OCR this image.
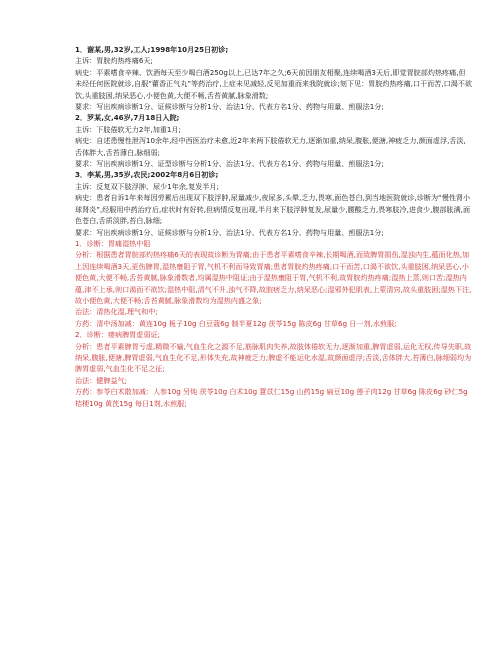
1．谢某,男,32岁,工人;1998年10月25日初诊;

主诉：胃脘灼热疼痛6天;

病史：平素嗜食辛辣、饮酒每天至少喝白酒250g以上,已达7年之久;6天前因朋友相聚,连续喝酒3天后,即觉胃脘部灼热疼痛,但未经任何医院就诊,自服“藿香正气丸”等药治疗,上症未见减轻,反见加重而来我院就诊;刻下见：胃脘灼热疼痛,口干而苦,口渴不欲饮,头重肢困,纳呆恶心,小便色黄,大便不畅,舌苔黄腻,脉象滑数;

要求：写出疾病诊断1分、证候诊断与分析1分、治法1分、代表方名1分、药物与用量、煎服法1分;

2．罗某,女,46岁,7月18日入院;

主诉：下肢倦软无力2年,加重1月;

病史：自述患慢性泄泻10余年,经中西医治疗未愈,近2年来两下肢倦软无力,逐渐加重,纳呆,腹胀,便溏,神疲乏力,颜面虚浮,舌淡,舌体胖大,舌苔薄白,脉细弱;

要求：写出疾病诊断1分、证型诊断与分析1分、治法1分、代表方名1分、药物与用量、煎服法1分;

3．李某,男,35岁,农民;2002年8月6日初诊;

主诉：反复双下肢浮肿、尿少1年余,复发半月;

病史：患者自诉1年来每因劳累后出现双下肢浮肿,尿量减少,夜尿多,头晕,乏力,畏寒,面色苍白,到当地医院就诊,诊断为“慢性肾小球肾炎”,经服用中药治疗后,症状时有好转,但病情反复出现,半月来下肢浮肿复发,尿量少,腰酸乏力,畏寒肢冷,进食少,腹部胀满,面色苍白,舌质淡胖,苔白,脉细;

要求：写出疾病诊断1分、证候诊断与分析1分、治法1分、代表方名1分、药物与用量、煎服法1分;

1．诊断：胃痛湿热中阻

分析：根据患者胃脘部灼热疼痛6天的表现故诊断为胃痛;由于患者平素嗜食辛辣,长期喝酒,而致脾胃损伤,湿浊内生,蕴而化热,加上因连续喝酒3天,更伤脾胃,湿热壅阻于胃,气机不利而导致胃痛;患者胃脘灼热疼痛,口干而苦,口渴不欲饮,头重肢困,纳呆恶心,小便色黄,大便不畅,舌苔黄腻,脉象滑数者,均属湿热中阻证;由于湿热壅阻于胃,气机不利,故胃脘灼热疼痛;湿热上蒸,则口苦;湿热内蕴,津不上承,则口渴而不欲饮;湿热中阻,清气不升,浊气不降,故脘痞乏力,纳呆恶心;湿邪外犯肌表,上蒙清窍,故头重肢困;湿热下注,故小便色黄,大便不畅;舌苔黄腻,脉象滑数均为湿热内盛之象;

治法：清热化湿,理气和中;

方药：清中汤加减：黄连10g 栀子10g 白豆蔻6g 制半夏12g 茯苓15g 陈皮6g 甘草6g 日一剂,水煎服;

2．诊断：痿病脾胃虚弱证;

分析：患者平素脾胃亏虚,精微不输,气血生化之源不足,筋脉肌肉失养,故肢体倦软无力,逐渐加重,脾胃虚弱,运化无权,传导失职,故纳呆,腹胀,便溏,脾胃虚弱,气血生化不足,形体失充,故神疲乏力;脾虚不能运化水湿,故颜面虚浮;舌淡,舌体胖大,苔薄白,脉细弱均为脾胃虚弱,气血生化不足之征;

治法：健脾益气;

方药：参苓白术散加减：人参10g 另炖 茯苓10g 白术10g 薏苡仁15g 山药15g 扁豆10g 莲子肉12g 甘草6g 陈皮6g 砂仁5g 桔梗10g 黄芪15g 每日1剂,水煎服;
